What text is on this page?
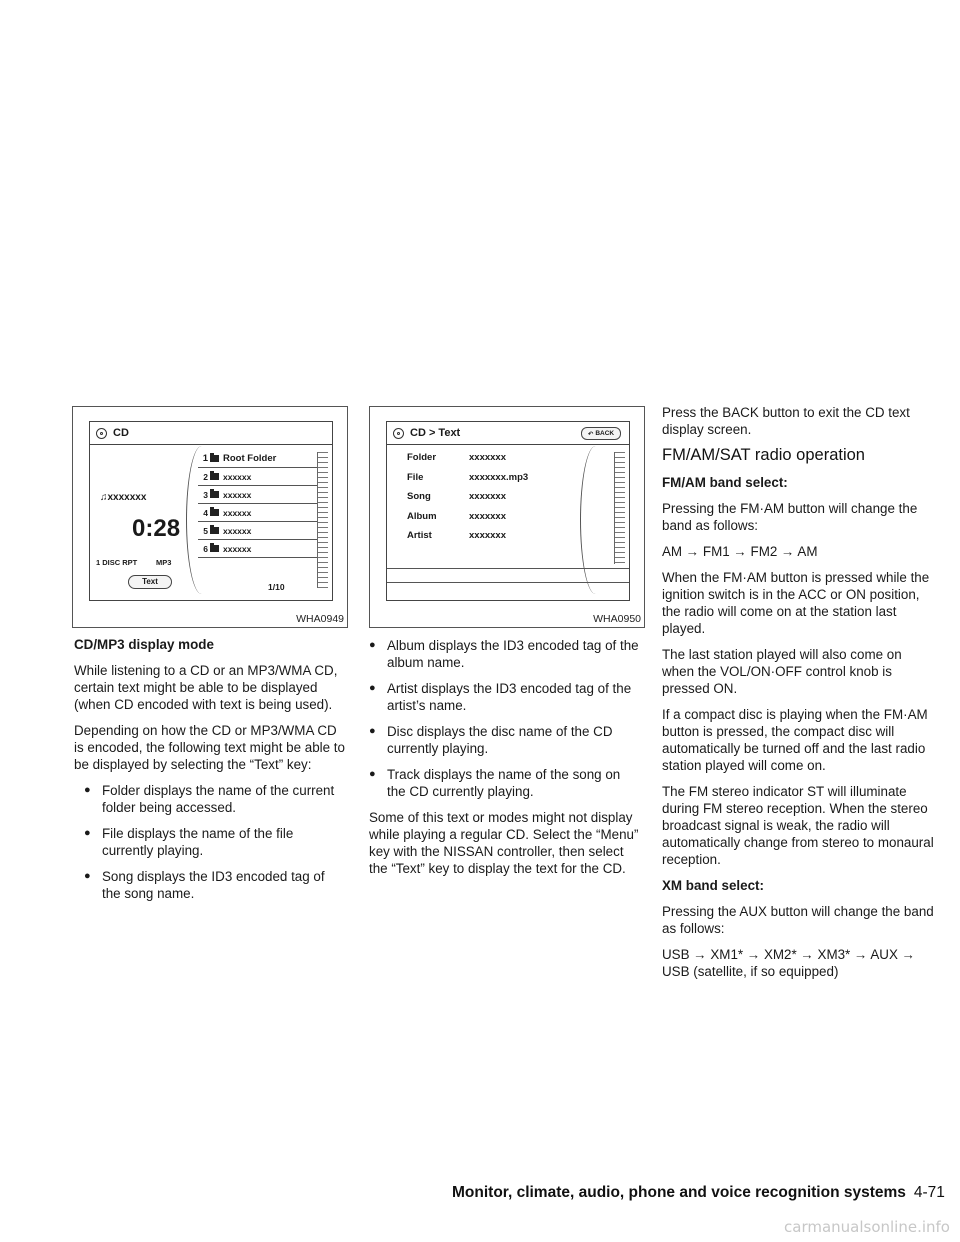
CD
♫xxxxxxx
0:28
1 DISC RPT MP3
Text
1 Root Folder
2 xxxxxx
3 xxxxxx
4 xxxxxx
5 xxxxxx
6 xxxxxx
1/10
WHA0949
CD > Text	↶ BACK
Folder	xxxxxxx
File	xxxxxxx.mp3
Song	xxxxxxx
Album	xxxxxxx
Artist	xxxxxxx
WHA0950
CD/MP3 display mode

While listening to a CD or an MP3/WMA CD, certain text might be able to be displayed (when CD encoded with text is being used).

Depending on how the CD or MP3/WMA CD is encoded, the following text might be able to be displayed by selecting the “Text” key:

● Folder displays the name of the current folder being accessed.
● File displays the name of the file currently playing.
● Song displays the ID3 encoded tag of the song name.
● Album displays the ID3 encoded tag of the album name.
● Artist displays the ID3 encoded tag of the artist’s name.
● Disc displays the disc name of the CD currently playing.
● Track displays the name of the song on the CD currently playing.

Some of this text or modes might not display while playing a regular CD. Select the “Menu” key with the NISSAN controller, then select the “Text” key to display the text for the CD.

Press the BACK button to exit the CD text display screen.

FM/AM/SAT radio operation
FM/AM band select:

Pressing the FM·AM button will change the band as follows:

AM → FM1 → FM2 → AM

When the FM·AM button is pressed while the ignition switch is in the ACC or ON position, the radio will come on at the station last played.

The last station played will also come on when the VOL/ON·OFF control knob is pressed ON.

If a compact disc is playing when the FM·AM button is pressed, the compact disc will automatically be turned off and the last radio station played will come on.

The FM stereo indicator ST will illuminate during FM stereo reception. When the stereo broadcast signal is weak, the radio will automatically change from stereo to monaural reception.

XM band select:

Pressing the AUX button will change the band as follows:

USB → XM1* → XM2* → XM3* → AUX → USB (satellite, if so equipped)

Monitor, climate, audio, phone and voice recognition systems 4-71
carmanualsonline.info
